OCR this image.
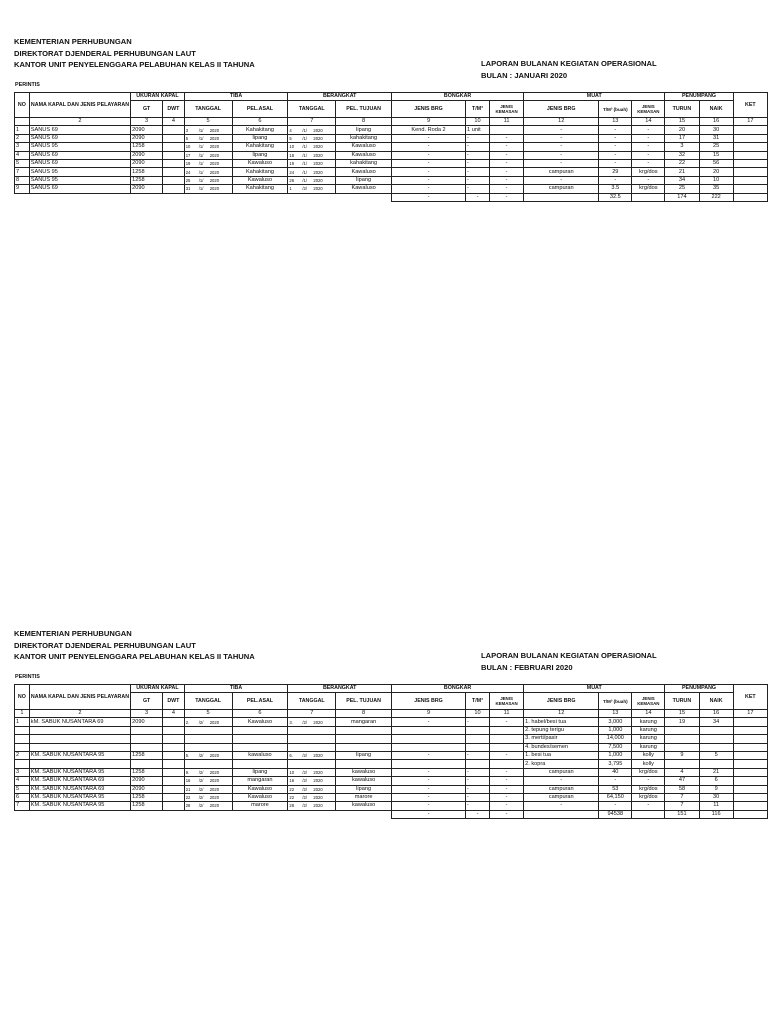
KEMENTERIAN PERHUBUNGAN
DIREKTORAT DJENDERAL PERHUBUNGAN LAUT
KANTOR UNIT PENYELENGGARA PELABUHAN KELAS II TAHUNA	LAPORAN BULANAN KEGIATAN OPERASIONAL
BULAN : JANUARI 2020
PERINTIS
NO	NAMA KAPAL DAN JENIS PELAYARAN	UKURAN KAPAL		TIBA		BERANGKAT		BONGKAR			MUAT			PENUMPANG		KET
		GT	DWT	TANGGAL	PEL.ASAL	TANGGAL	PEL. TUJUAN	JENIS BRG	T/M³	JENIS KEMASAN	JENIS BRG	T/M³ (buah)	JENIS KEMASAN	TURUN	NAIK	
	2	3	4	5	6	7	8	9	10	11	12	13	14	15	16	17
1	SANUS 69	2090		3 /1/ 2020	Kahakitang	4 /1/ 2020	lipang	Kend. Roda 2	1 unit		-	-	-	20	30	
2	SANUS 69	2090		5 /1/ 2020	lipang	5 /1/ 2020	kahakitang	-	-	-	-	-	-	17	31	
3	SANUS 95	1258		10 /1/ 2020	Kahakitang	10 /1/ 2020	Kawaluso	-	-	-	-	-	-	3	25	
4	SANUS 69	2090		17 /1/ 2020	lipang	18 /1/ 2020	Kawaluso	-	-	-	-	-	-	32	15	
5	SANUS 69	2090		19 /1/ 2020	Kawaluso	19 /1/ 2020	kahakitang	-	-	-	-	-	-	22	56	
7	SANUS 95	1258		24 /1/ 2020	Kahakitang	24 /1/ 2020	Kawaluso	-	-	-	campuran	29	krg/dos	21	20	
8	SANUS 95	1258		25 /1/ 2020	Kawaluso	26 /1/ 2020	lipang	-	-	-	-	-	-	34	10	
9	SANUS 69	2090		31 /1/ 2020	Kahakitang	1 /2/ 2020	Kawaluso	-	-	-	campuran	3.5	krg/dos	25	35	
								-	-	-		32.5		174	222	
KEMENTERIAN PERHUBUNGAN
DIREKTORAT DJENDERAL PERHUBUNGAN LAUT
KANTOR UNIT PENYELENGGARA PELABUHAN KELAS II TAHUNA	LAPORAN BULANAN KEGIATAN OPERASIONAL
BULAN : FEBRUARI 2020
PERINTIS
NO	NAMA KAPAL DAN JENIS PELAYARAN	UKURAN KAPAL		TIBA		BERANGKAT		BONGKAR			MUAT			PENUMPANG		KET
		GT	DWT	TANGGAL	PEL.ASAL	TANGGAL	PEL. TUJUAN	JENIS BRG	T/M³	JENIS KEMASAN	JENIS BRG	T/M³ (buah)	JENIS KEMASAN	TURUN	NAIK	
1	2	3	4	5	6	7	8	9	10	11	12	13	14	15	16	17
1	kM. SABUK NUSANTARA 69	2090		2. /2/ 2020	Kawaluso	3. /2/ 2020	mangaran	-	-	-	1. habel/besi tua	3,000	karung	19	34	
											2. tepung terigu	1,000	karung			
											3. merti/pasir	14,000	karung			
											4. bundes/semen	7,500	karung			
2	KM. SABUK NUSANTARA 95	1258		5. /2/ 2020	kawaluso	6. /2/ 2020	lipang	-	-	-	1. besi tua	1,000	kolly	9	5	
											2. kopra	3,795	kolly			
3	KM. SABUK NUSANTARA 95	1258		9. /2/ 2020	lipang	10 /2/ 2020	kawaluso	-	-	-	campuran	40	krg/dos	4	21	
4	KM. SABUK NUSANTARA 69	2090		16 /2/ 2020	mangaran	16 /2/ 2020	kawaluso	-	-	-	-	-	-	47	6	
5	KM. SABUK NUSANTARA 69	2090		21 /2/ 2020	Kawaluso	22 /2/ 2020	lipang	-	-	-	campuran	53	krg/dos	58	9	
6	KM. SABUK NUSANTARA 95	1258		22 /2/ 2020	Kawaluso	22 /2/ 2020	marore	-	-	-	campuran	64,150	krg/dos	7	30	
7	KM. SABUK NUSANTARA 95	1258		28 /2/ 2020	marore	28 /2/ 2020	kawaluso	-	-	-	-	-	-	7	11	
								-	-	-		94538		151	116	
